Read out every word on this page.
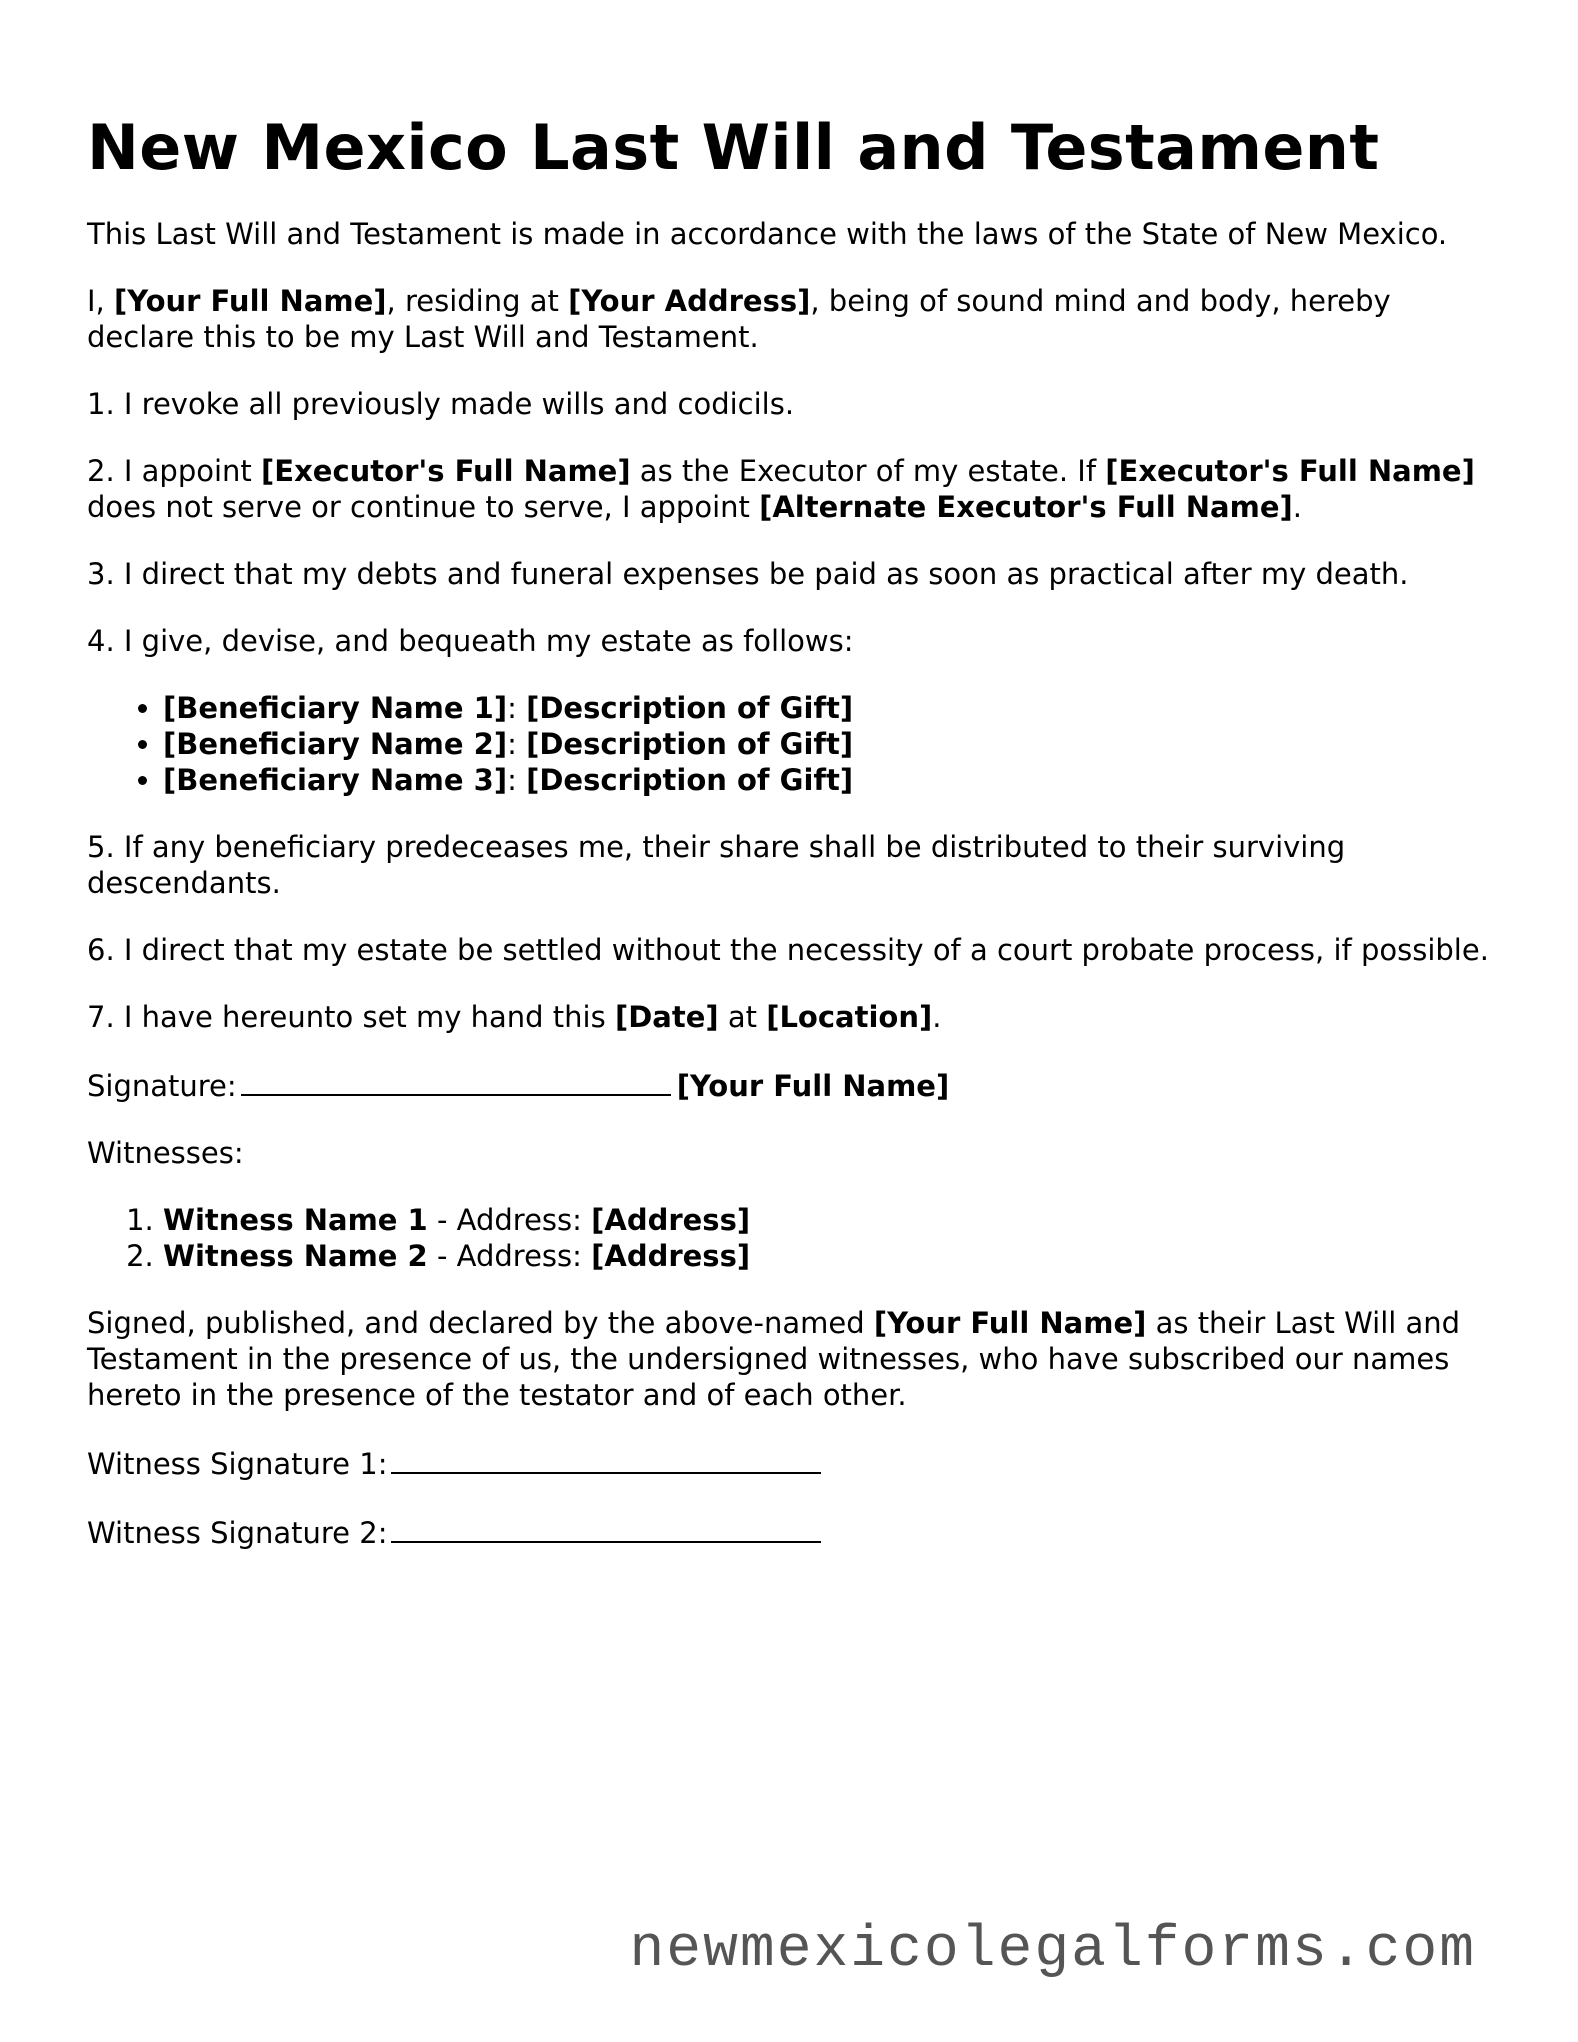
New Mexico Last Will and Testament

This Last Will and Testament is made in accordance with the laws of the State of New Mexico.

I, [Your Full Name], residing at [Your Address], being of sound mind and body, hereby declare this to be my Last Will and Testament.

1. I revoke all previously made wills and codicils.

2. I appoint [Executor's Full Name] as the Executor of my estate. If [Executor's Full Name] does not serve or continue to serve, I appoint [Alternate Executor's Full Name].

3. I direct that my debts and funeral expenses be paid as soon as practical after my death.

4. I give, devise, and bequeath my estate as follows:

• [Beneficiary Name 1]: [Description of Gift]
• [Beneficiary Name 2]: [Description of Gift]
• [Beneficiary Name 3]: [Description of Gift]

5. If any beneficiary predeceases me, their share shall be distributed to their surviving descendants.

6. I direct that my estate be settled without the necessity of a court probate process, if possible.

7. I have hereunto set my hand this [Date] at [Location].

Signature:	[Your Full Name]

Witnesses:

1. Witness Name 1 - Address: [Address]
2. Witness Name 2 - Address: [Address]

Signed, published, and declared by the above-named [Your Full Name] as their Last Will and Testament in the presence of us, the undersigned witnesses, who have subscribed our names hereto in the presence of the testator and of each other.

Witness Signature 1:

Witness Signature 2:

newmexicolegalforms.com
